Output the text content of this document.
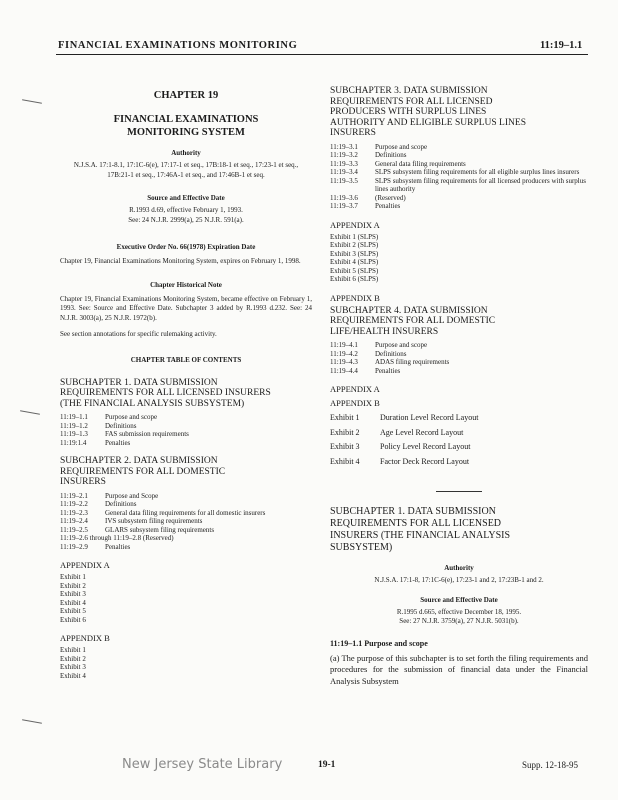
FINANCIAL EXAMINATIONS MONITORING	11:19–1.1
CHAPTER 19
FINANCIAL EXAMINATIONS
MONITORING SYSTEM
Authority
N.J.S.A. 17:1-8.1, 17:1C-6(e), 17:17-1 et seq., 17B:18-1 et seq., 17:23-1 et seq., 17B:21-1 et seq., 17:46A-1 et seq., and 17:46B-1 et seq.
Source and Effective Date
R.1993 d.69, effective February 1, 1993.
See: 24 N.J.R. 2999(a), 25 N.J.R. 591(a).
Executive Order No. 66(1978) Expiration Date
Chapter 19, Financial Examinations Monitoring System, expires on February 1, 1998.
Chapter Historical Note
Chapter 19, Financial Examinations Monitoring System, became effective on February 1, 1993. See: Source and Effective Date. Subchapter 3 added by R.1993 d.232. See: 24 N.J.R. 3003(a), 25 N.J.R. 1972(b).
See section annotations for specific rulemaking activity.
CHAPTER TABLE OF CONTENTS
SUBCHAPTER 1. DATA SUBMISSION
REQUIREMENTS FOR ALL LICENSED INSURERS
(THE FINANCIAL ANALYSIS SUBSYSTEM)
11:19–1.1	Purpose and scope
11:19–1.2	Definitions
11:19–1.3	FAS submission requirements
11:19:1.4	Penalties
SUBCHAPTER 2. DATA SUBMISSION
REQUIREMENTS FOR ALL DOMESTIC
INSURERS
11:19–2.1	Purpose and Scope
11:19–2.2	Definitions
11:19–2.3	General data filing requirements for all domestic insurers
11:19–2.4	IVS subsystem filing requirements
11:19–2.5	GLARS subsystem filing requirements
11:19–2.6 through 11:19–2.8 (Reserved)
11:19–2.9	Penalties
APPENDIX A
Exhibit 1
Exhibit 2
Exhibit 3
Exhibit 4
Exhibit 5
Exhibit 6
APPENDIX B
Exhibit 1
Exhibit 2
Exhibit 3
Exhibit 4
SUBCHAPTER 3. DATA SUBMISSION
REQUIREMENTS FOR ALL LICENSED
PRODUCERS WITH SURPLUS LINES
AUTHORITY AND ELIGIBLE SURPLUS LINES
INSURERS
11:19–3.1	Purpose and scope
11:19–3.2	Definitions
11:19–3.3	General data filing requirements
11:19–3.4	SLPS subsystem filing requirements for all eligible surplus lines insurers
11:19–3.5	SLPS subsystem filing requirements for all licensed producers with surplus lines authority
11:19–3.6	(Reserved)
11:19–3.7	Penalties
APPENDIX A
Exhibit 1 (SLPS)
Exhibit 2 (SLPS)
Exhibit 3 (SLPS)
Exhibit 4 (SLPS)
Exhibit 5 (SLPS)
Exhibit 6 (SLPS)
APPENDIX B
SUBCHAPTER 4. DATA SUBMISSION
REQUIREMENTS FOR ALL DOMESTIC
LIFE/HEALTH INSURERS
11:19–4.1	Purpose and scope
11:19–4.2	Definitions
11:19–4.3	ADAS filing requirements
11:19–4.4	Penalties
APPENDIX A
APPENDIX B
Exhibit 1	Duration Level Record Layout
Exhibit 2	Age Level Record Layout
Exhibit 3	Policy Level Record Layout
Exhibit 4	Factor Deck Record Layout
SUBCHAPTER 1. DATA SUBMISSION
REQUIREMENTS FOR ALL LICENSED
INSURERS (THE FINANCIAL ANALYSIS
SUBSYSTEM)
Authority
N.J.S.A. 17:1-8, 17:1C-6(e), 17:23-1 and 2, 17:23B-1 and 2.
Source and Effective Date
R.1995 d.665, effective December 18, 1995.
See: 27 N.J.R. 3759(a), 27 N.J.R. 5031(b).
11:19–1.1 Purpose and scope
(a) The purpose of this subchapter is to set forth the filing requirements and procedures for the submission of financial data under the Financial Analysis Subsystem
New Jersey State Library	19-1	Supp. 12-18-95
